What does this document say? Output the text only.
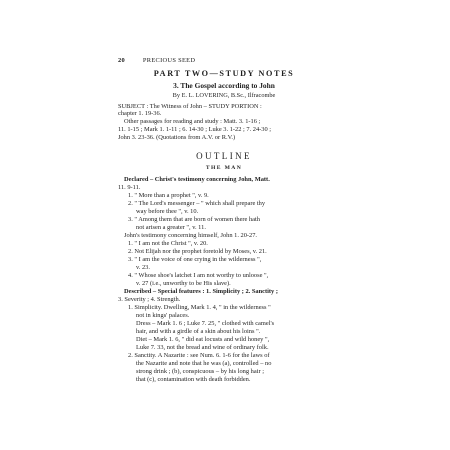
20	PRECIOUS SEED
PART TWO—STUDY NOTES
3. The Gospel according to John
By E. L. LOVERING, B.Sc., Ilfracombe
SUBJECT : The Witness of John – STUDY PORTION :
chapter 1. 19-36.
Other passages for reading and study : Matt. 3. 1-16 ;
11. 1-15 ; Mark 1. 1-11 ; 6. 14-30 ; Luke 3. 1-22 ; 7. 24-30 ;
John 3. 23-36. (Quotations from A.V. or R.V.)
OUTLINE
THE MAN
Declared – Christ's testimony concerning John, Matt.
11. 9-11.
1. " More than a prophet ", v. 9.
2. " The Lord's messenger – " which shall prepare thy
way before thee ", v. 10.
3. " Among them that are born of women there hath
not arisen a greater ", v. 11.
John's testimony concerning himself, John 1. 20-27.
1. " I am not the Christ ", v. 20.
2. Not Elijah nor the prophet foretold by Moses, v. 21.
3. " I am the voice of one crying in the wilderness ",
v. 23.
4. " Whose shoe's latchet I am not worthy to unloose ",
v. 27 (i.e., unworthy to be His slave).
Described – Special features : 1. Simplicity ; 2. Sanctity ;
3. Severity ; 4. Strength.
1. Simplicity. Dwelling, Mark 1. 4, " in the wilderness "
not in kings' palaces.
Dress – Mark 1. 6 ; Luke 7. 25, " clothed with camel's
hair, and with a girdle of a skin about his loins ".
Diet – Mark 1. 6, " did eat locusts and wild honey ",
Luke 7. 33, not the bread and wine of ordinary folk.
2. Sanctity. A Nazarite : see Num. 6. 1-6 for the laws of
the Nazarite and note that he was (a), controlled – no
strong drink ; (b), conspicuous – by his long hair ;
that (c), contamination with death forbidden.
